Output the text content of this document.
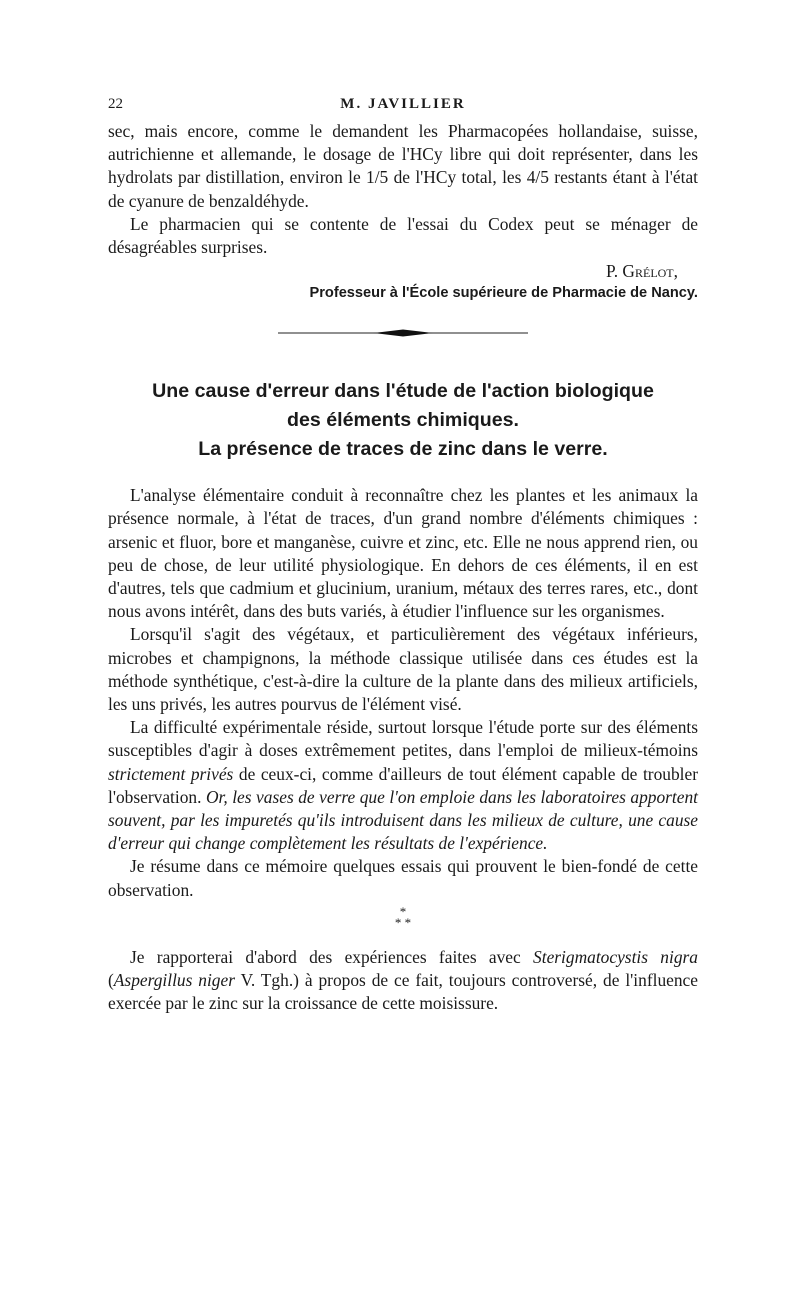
22	M. JAVILLIER

sec, mais encore, comme le demandent les Pharmacopées hollandaise, suisse, autrichienne et allemande, le dosage de l'HCy libre qui doit représenter, dans les hydrolats par distillation, environ le 1/5 de l'HCy total, les 4/5 restants étant à l'état de cyanure de benzaldéhyde.

Le pharmacien qui se contente de l'essai du Codex peut se ménager de désagréables surprises.

P. Grélot,
Professeur à l'École supérieure de Pharmacie de Nancy.
Une cause d'erreur dans l'étude de l'action biologique
des éléments chimiques.
La présence de traces de zinc dans le verre.

L'analyse élémentaire conduit à reconnaître chez les plantes et les animaux la présence normale, à l'état de traces, d'un grand nombre d'éléments chimiques : arsenic et fluor, bore et manganèse, cuivre et zinc, etc. Elle ne nous apprend rien, ou peu de chose, de leur utilité physiologique. En dehors de ces éléments, il en est d'autres, tels que cadmium et glucinium, uranium, métaux des terres rares, etc., dont nous avons intérêt, dans des buts variés, à étudier l'influence sur les organismes.

Lorsqu'il s'agit des végétaux, et particulièrement des végétaux inférieurs, microbes et champignons, la méthode classique utilisée dans ces études est la méthode synthétique, c'est-à-dire la culture de la plante dans des milieux artificiels, les uns privés, les autres pourvus de l'élément visé.

La difficulté expérimentale réside, surtout lorsque l'étude porte sur des éléments susceptibles d'agir à doses extrêmement petites, dans l'emploi de milieux-témoins strictement privés de ceux-ci, comme d'ailleurs de tout élément capable de troubler l'observation. Or, les vases de verre que l'on emploie dans les laboratoires apportent souvent, par les impuretés qu'ils introduisent dans les milieux de culture, une cause d'erreur qui change complètement les résultats de l'expérience.

Je résume dans ce mémoire quelques essais qui prouvent le bien-fondé de cette observation.

*
* *

Je rapporterai d'abord des expériences faites avec Sterigmatocystis nigra (Aspergillus niger V. Tgh.) à propos de ce fait, toujours controversé, de l'influence exercée par le zinc sur la croissance de cette moisissure.
